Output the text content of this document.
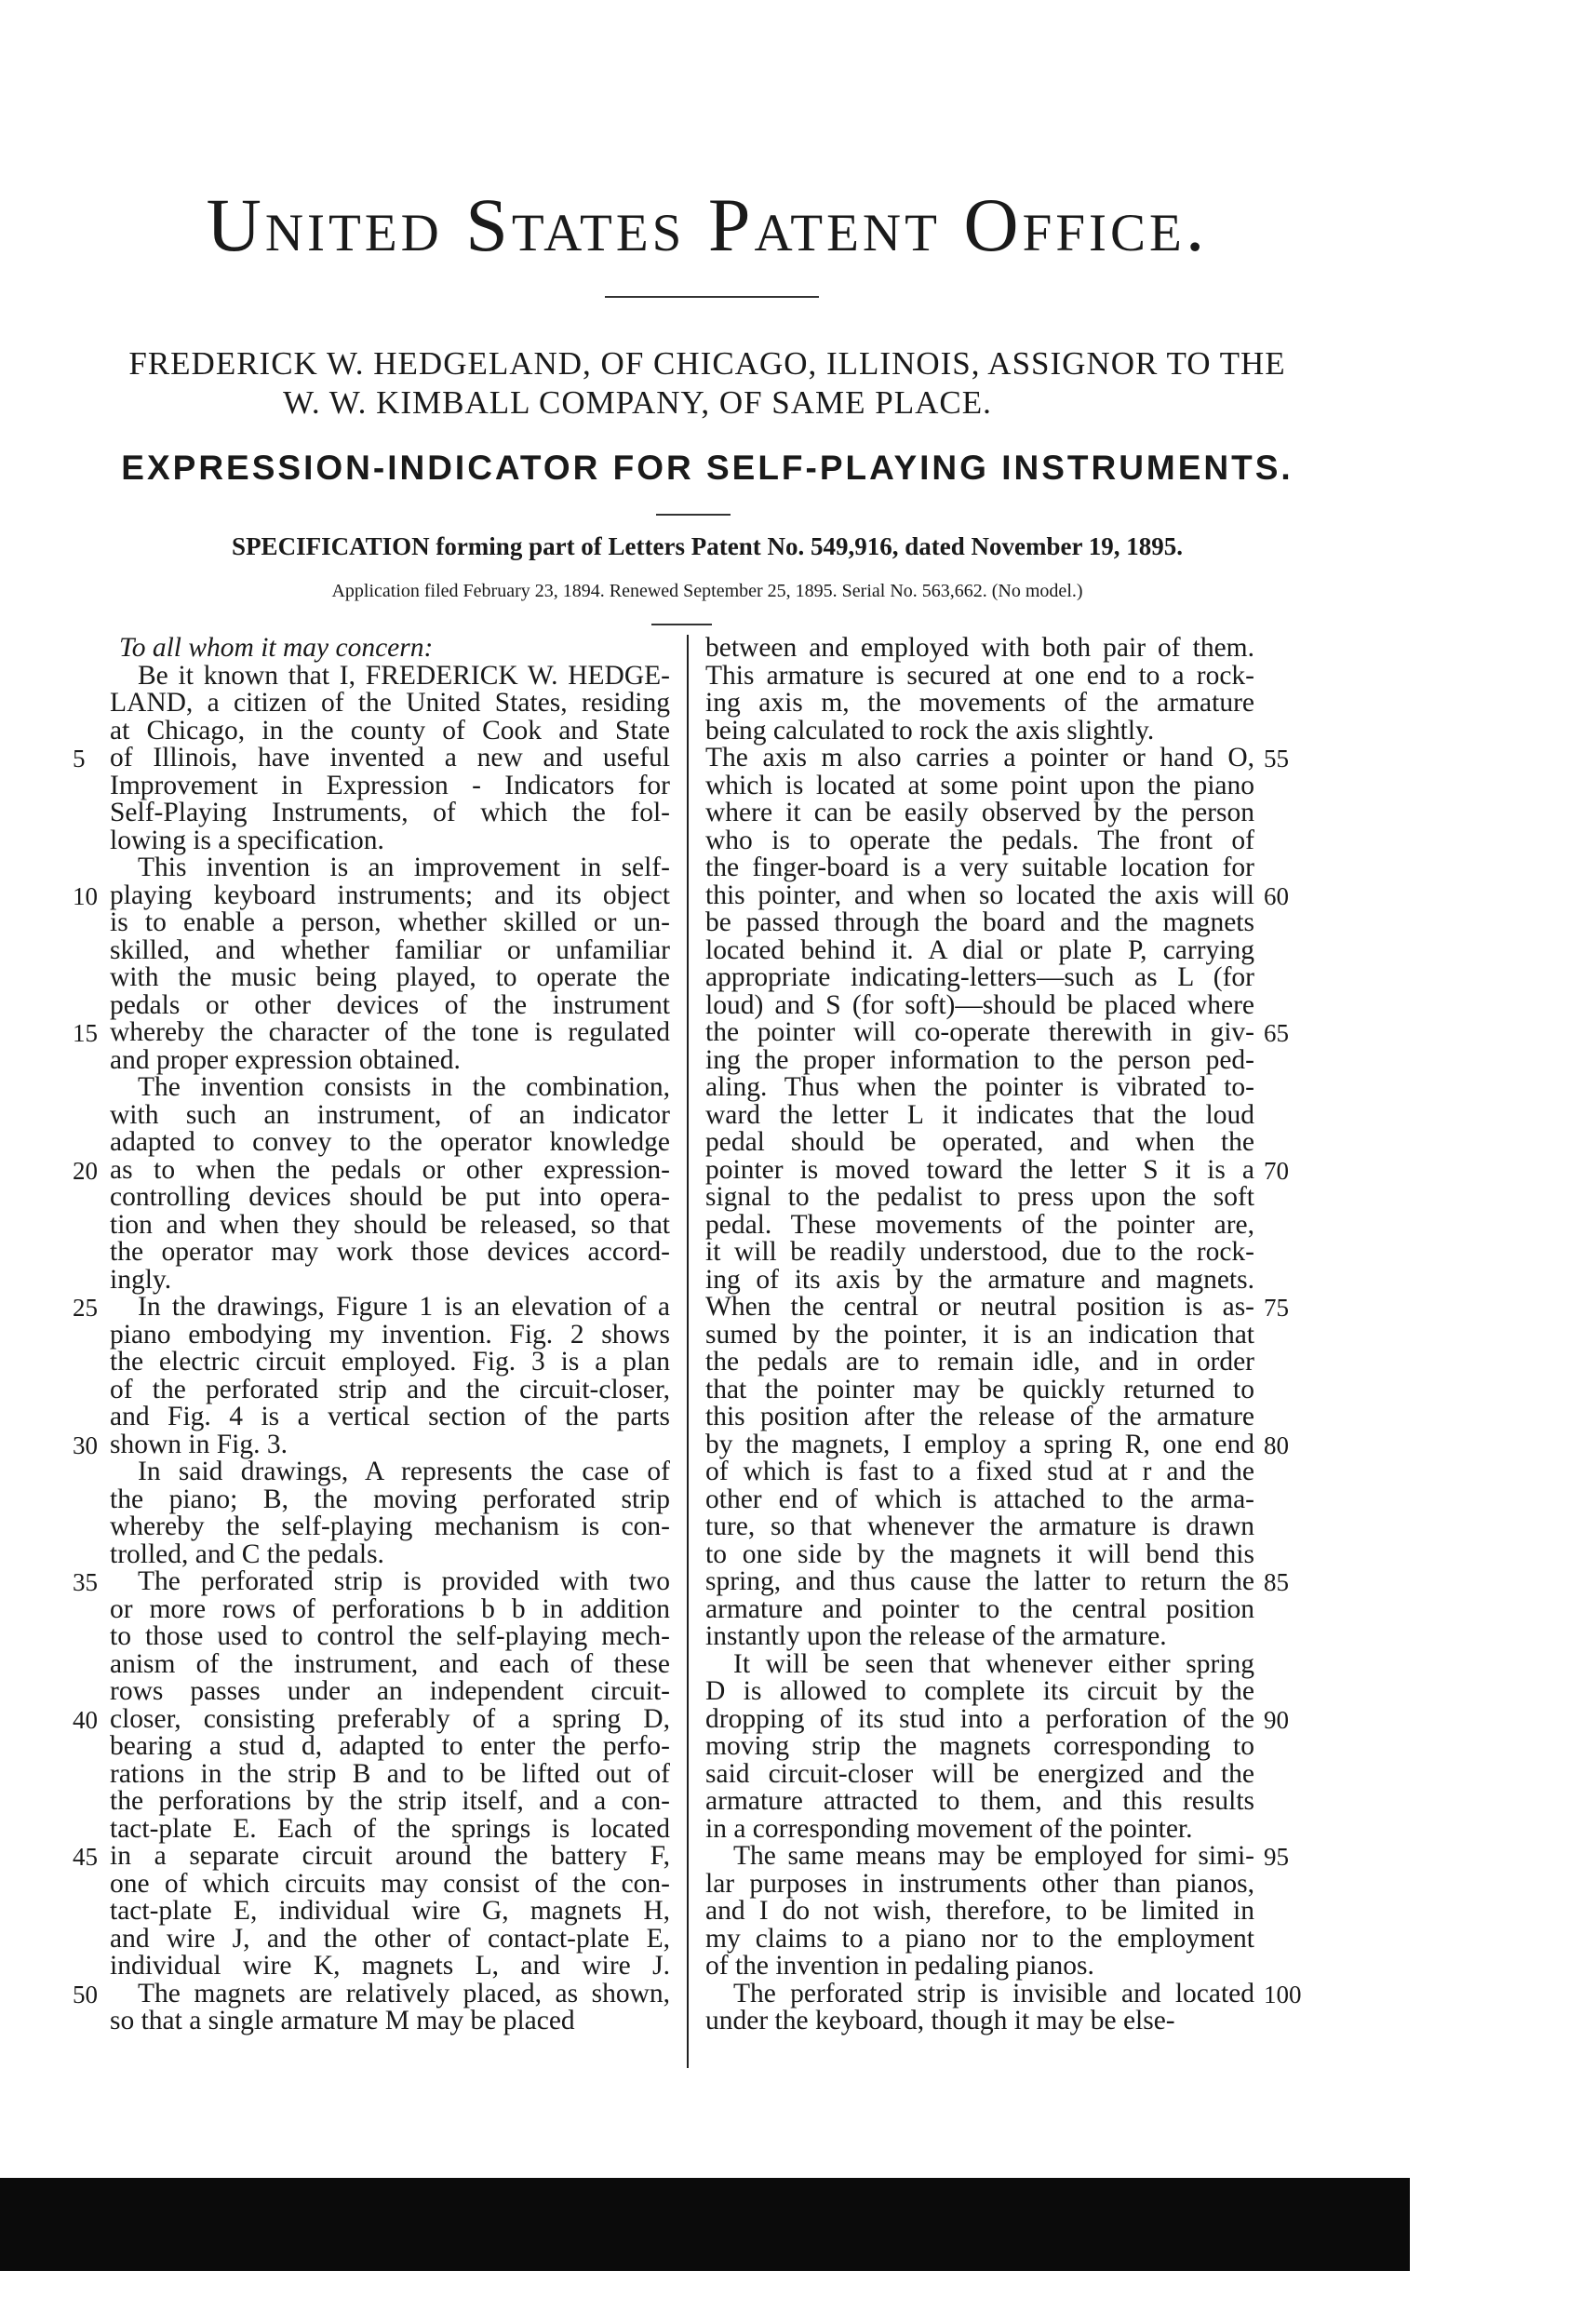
United States Patent Office.
FREDERICK W. HEDGELAND, OF CHICAGO, ILLINOIS, ASSIGNOR TO THE
W. W. KIMBALL COMPANY, OF SAME PLACE.
EXPRESSION-INDICATOR FOR SELF-PLAYING INSTRUMENTS.
SPECIFICATION forming part of Letters Patent No. 549,916, dated November 19, 1895.
Application filed February 23, 1894. Renewed September 25, 1895. Serial No. 563,662. (No model.)
To all whom it may concern:
Be it known that I, FREDERICK W. HEDGE-
LAND, a citizen of the United States, residing
at Chicago, in the county of Cook and State
of Illinois, have invented a new and useful
Improvement in Expression - Indicators for
Self-Playing Instruments, of which the fol-
lowing is a specification.
This invention is an improvement in self-
playing keyboard instruments; and its object
is to enable a person, whether skilled or un-
skilled, and whether familiar or unfamiliar
with the music being played, to operate the
pedals or other devices of the instrument
whereby the character of the tone is regulated
and proper expression obtained.
The invention consists in the combination,
with such an instrument, of an indicator
adapted to convey to the operator knowledge
as to when the pedals or other expression-
controlling devices should be put into opera-
tion and when they should be released, so that
the operator may work those devices accord-
ingly.
In the drawings, Figure 1 is an elevation of a
piano embodying my invention. Fig. 2 shows
the electric circuit employed. Fig. 3 is a plan
of the perforated strip and the circuit-closer,
and Fig. 4 is a vertical section of the parts
shown in Fig. 3.
In said drawings, A represents the case of
the piano; B, the moving perforated strip
whereby the self-playing mechanism is con-
trolled, and C the pedals.
The perforated strip is provided with two
or more rows of perforations b b in addition
to those used to control the self-playing mech-
anism of the instrument, and each of these
rows passes under an independent circuit-
closer, consisting preferably of a spring D,
bearing a stud d, adapted to enter the perfo-
rations in the strip B and to be lifted out of
the perforations by the strip itself, and a con-
tact-plate E. Each of the springs is located
in a separate circuit around the battery F,
one of which circuits may consist of the con-
tact-plate E, individual wire G, magnets H,
and wire J, and the other of contact-plate E,
individual wire K, magnets L, and wire J.
The magnets are relatively placed, as shown,
so that a single armature M may be placed
between and employed with both pair of them.
This armature is secured at one end to a rock-
ing axis m, the movements of the armature
being calculated to rock the axis slightly.
The axis m also carries a pointer or hand O,
which is located at some point upon the piano
where it can be easily observed by the person
who is to operate the pedals. The front of
the finger-board is a very suitable location for
this pointer, and when so located the axis will
be passed through the board and the magnets
located behind it. A dial or plate P, carrying
appropriate indicating-letters—such as L (for
loud) and S (for soft)—should be placed where
the pointer will co-operate therewith in giv-
ing the proper information to the person ped-
aling. Thus when the pointer is vibrated to-
ward the letter L it indicates that the loud
pedal should be operated, and when the
pointer is moved toward the letter S it is a
signal to the pedalist to press upon the soft
pedal. These movements of the pointer are,
it will be readily understood, due to the rock-
ing of its axis by the armature and magnets.
When the central or neutral position is as-
sumed by the pointer, it is an indication that
the pedals are to remain idle, and in order
that the pointer may be quickly returned to
this position after the release of the armature
by the magnets, I employ a spring R, one end
of which is fast to a fixed stud at r and the
other end of which is attached to the arma-
ture, so that whenever the armature is drawn
to one side by the magnets it will bend this
spring, and thus cause the latter to return the
armature and pointer to the central position
instantly upon the release of the armature.
It will be seen that whenever either spring
D is allowed to complete its circuit by the
dropping of its stud into a perforation of the
moving strip the magnets corresponding to
said circuit-closer will be energized and the
armature attracted to them, and this results
in a corresponding movement of the pointer.
The same means may be employed for simi-
lar purposes in instruments other than pianos,
and I do not wish, therefore, to be limited in
my claims to a piano nor to the employment
of the invention in pedaling pianos.
The perforated strip is invisible and located
under the keyboard, though it may be else-
5
10
15
20
25
30
35
40
45
50
55
60
65
70
75
80
85
90
95
100
